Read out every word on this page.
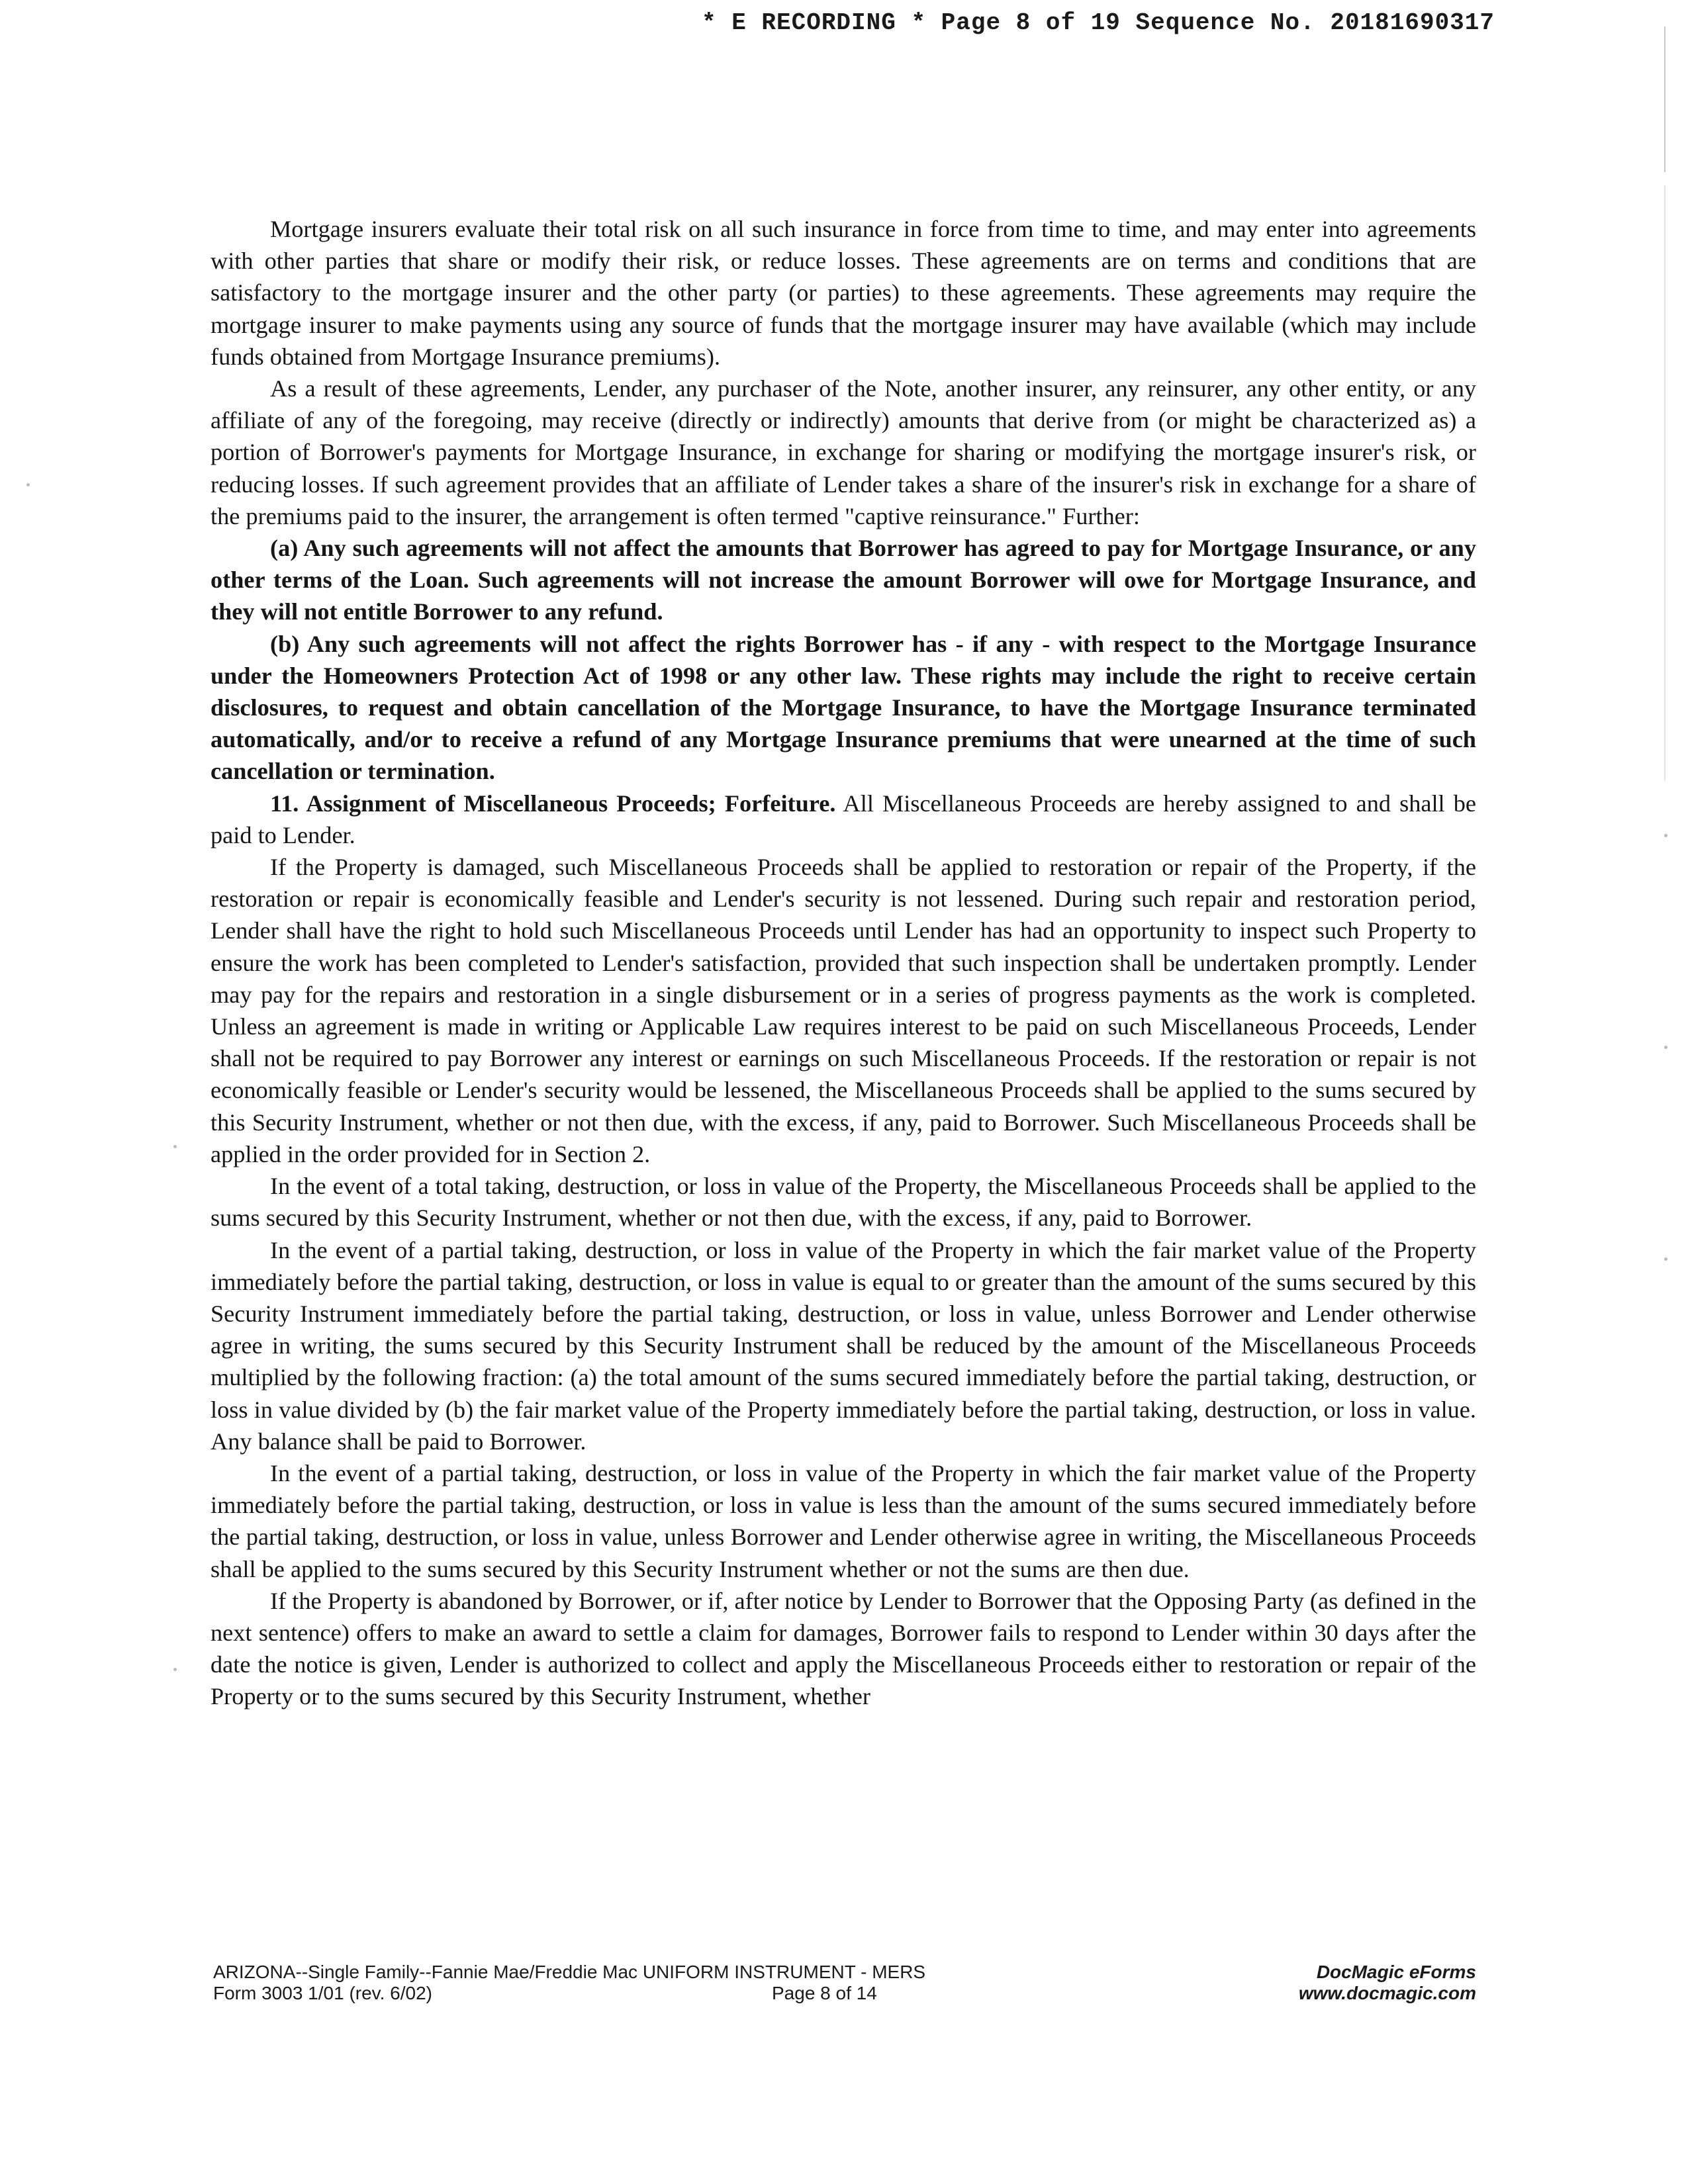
* E RECORDING * Page 8 of 19 Sequence No. 20181690317

Mortgage insurers evaluate their total risk on all such insurance in force from time to time, and may enter into agreements with other parties that share or modify their risk, or reduce losses. These agreements are on terms and conditions that are satisfactory to the mortgage insurer and the other party (or parties) to these agreements. These agreements may require the mortgage insurer to make payments using any source of funds that the mortgage insurer may have available (which may include funds obtained from Mortgage Insurance premiums).

As a result of these agreements, Lender, any purchaser of the Note, another insurer, any reinsurer, any other entity, or any affiliate of any of the foregoing, may receive (directly or indirectly) amounts that derive from (or might be characterized as) a portion of Borrower's payments for Mortgage Insurance, in exchange for sharing or modifying the mortgage insurer's risk, or reducing losses. If such agreement provides that an affiliate of Lender takes a share of the insurer's risk in exchange for a share of the premiums paid to the insurer, the arrangement is often termed "captive reinsurance." Further:

(a) Any such agreements will not affect the amounts that Borrower has agreed to pay for Mortgage Insurance, or any other terms of the Loan. Such agreements will not increase the amount Borrower will owe for Mortgage Insurance, and they will not entitle Borrower to any refund.

(b) Any such agreements will not affect the rights Borrower has - if any - with respect to the Mortgage Insurance under the Homeowners Protection Act of 1998 or any other law. These rights may include the right to receive certain disclosures, to request and obtain cancellation of the Mortgage Insurance, to have the Mortgage Insurance terminated automatically, and/or to receive a refund of any Mortgage Insurance premiums that were unearned at the time of such cancellation or termination.

11. Assignment of Miscellaneous Proceeds; Forfeiture. All Miscellaneous Proceeds are hereby assigned to and shall be paid to Lender.

If the Property is damaged, such Miscellaneous Proceeds shall be applied to restoration or repair of the Property, if the restoration or repair is economically feasible and Lender's security is not lessened. During such repair and restoration period, Lender shall have the right to hold such Miscellaneous Proceeds until Lender has had an opportunity to inspect such Property to ensure the work has been completed to Lender's satisfaction, provided that such inspection shall be undertaken promptly. Lender may pay for the repairs and restoration in a single disbursement or in a series of progress payments as the work is completed. Unless an agreement is made in writing or Applicable Law requires interest to be paid on such Miscellaneous Proceeds, Lender shall not be required to pay Borrower any interest or earnings on such Miscellaneous Proceeds. If the restoration or repair is not economically feasible or Lender's security would be lessened, the Miscellaneous Proceeds shall be applied to the sums secured by this Security Instrument, whether or not then due, with the excess, if any, paid to Borrower. Such Miscellaneous Proceeds shall be applied in the order provided for in Section 2.

In the event of a total taking, destruction, or loss in value of the Property, the Miscellaneous Proceeds shall be applied to the sums secured by this Security Instrument, whether or not then due, with the excess, if any, paid to Borrower.

In the event of a partial taking, destruction, or loss in value of the Property in which the fair market value of the Property immediately before the partial taking, destruction, or loss in value is equal to or greater than the amount of the sums secured by this Security Instrument immediately before the partial taking, destruction, or loss in value, unless Borrower and Lender otherwise agree in writing, the sums secured by this Security Instrument shall be reduced by the amount of the Miscellaneous Proceeds multiplied by the following fraction: (a) the total amount of the sums secured immediately before the partial taking, destruction, or loss in value divided by (b) the fair market value of the Property immediately before the partial taking, destruction, or loss in value. Any balance shall be paid to Borrower.

In the event of a partial taking, destruction, or loss in value of the Property in which the fair market value of the Property immediately before the partial taking, destruction, or loss in value is less than the amount of the sums secured immediately before the partial taking, destruction, or loss in value, unless Borrower and Lender otherwise agree in writing, the Miscellaneous Proceeds shall be applied to the sums secured by this Security Instrument whether or not the sums are then due.

If the Property is abandoned by Borrower, or if, after notice by Lender to Borrower that the Opposing Party (as defined in the next sentence) offers to make an award to settle a claim for damages, Borrower fails to respond to Lender within 30 days after the date the notice is given, Lender is authorized to collect and apply the Miscellaneous Proceeds either to restoration or repair of the Property or to the sums secured by this Security Instrument, whether

ARIZONA--Single Family--Fannie Mae/Freddie Mac UNIFORM INSTRUMENT - MERS
Form 3003 1/01 (rev. 6/02)	Page 8 of 14
DocMagic eForms
www.docmagic.com
